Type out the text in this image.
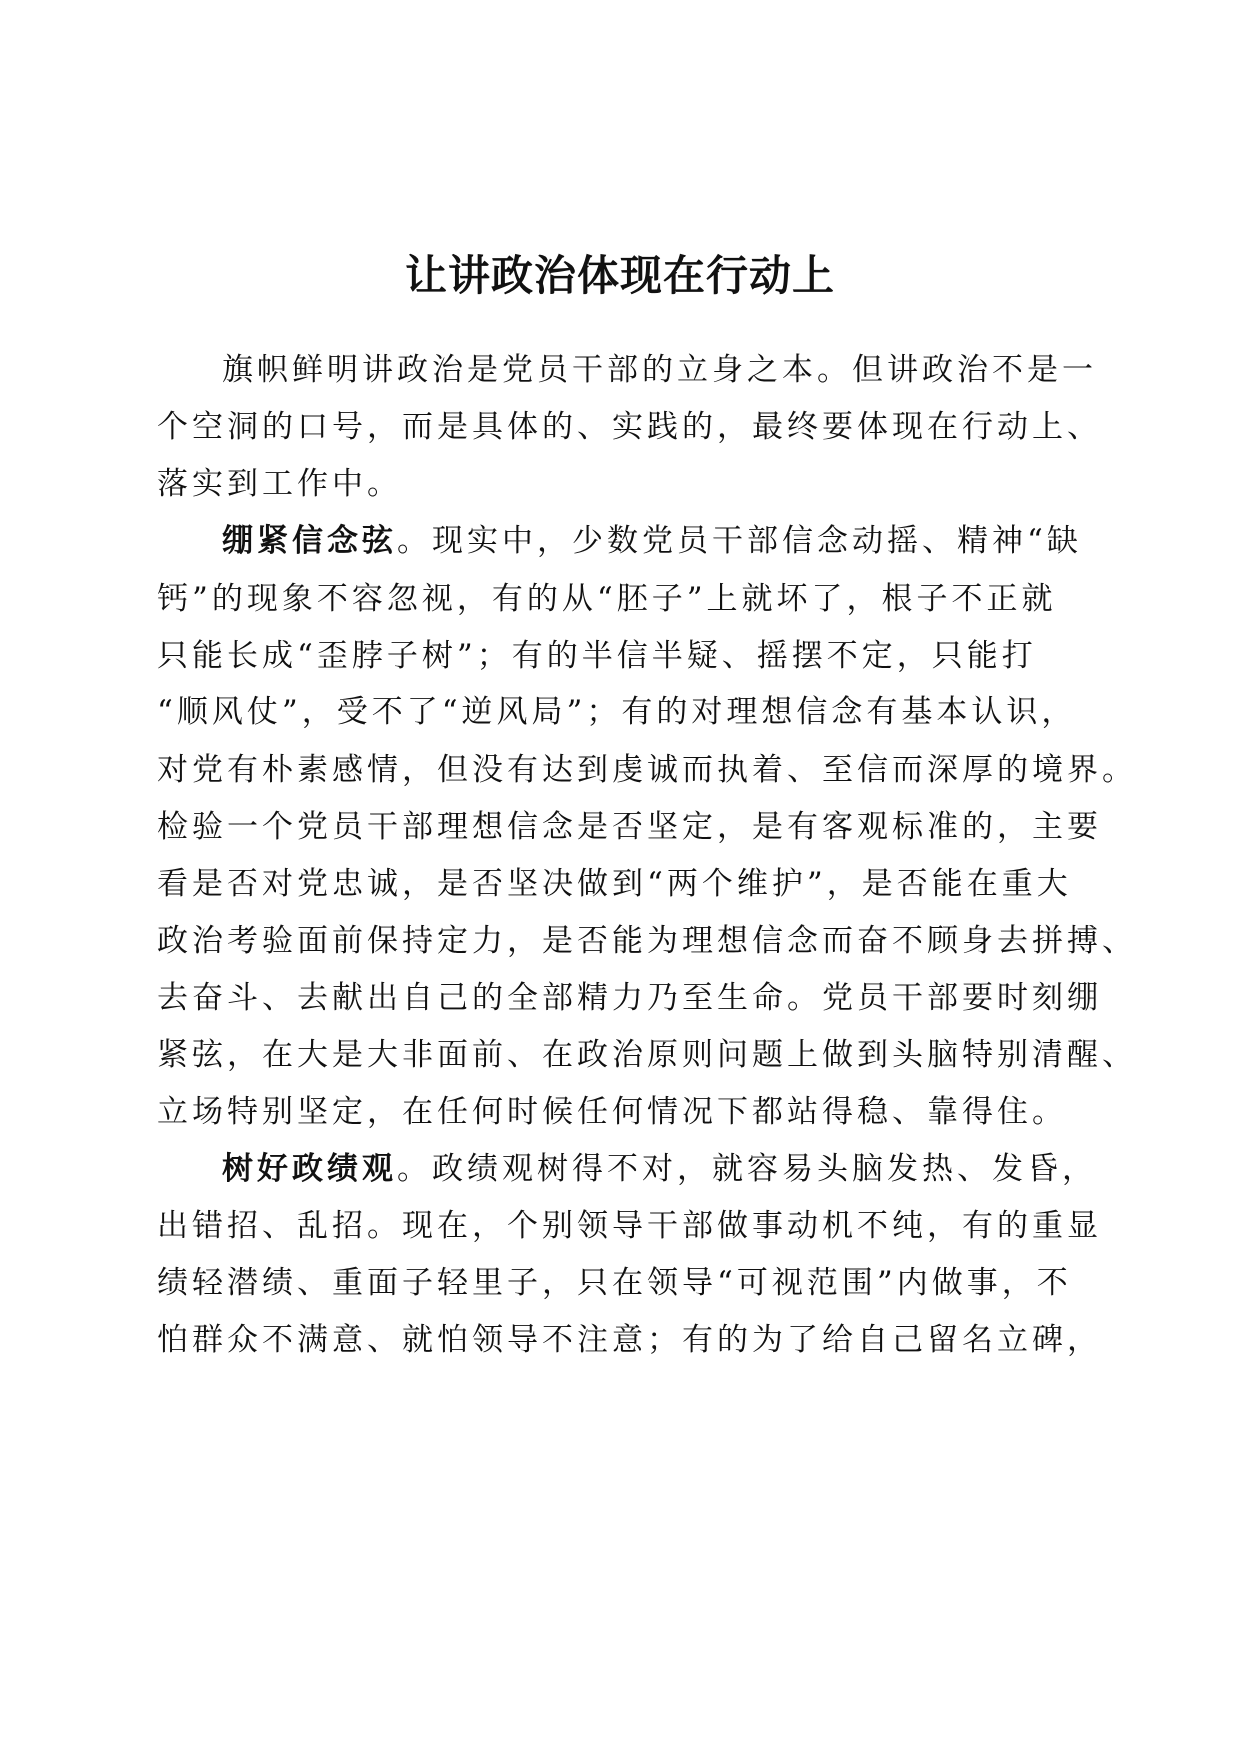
让讲政治体现在行动上
旗帜鲜明讲政治是党员干部的立身之本。但讲政治不是一
个空洞的口号，而是具体的、实践的，最终要体现在行动上、
落实到工作中。
绷紧信念弦。现实中，少数党员干部信念动摇、精神“缺
钙”的现象不容忽视，有的从“胚子”上就坏了，根子不正就
只能长成“歪脖子树”；有的半信半疑、摇摆不定，只能打
“顺风仗”，受不了“逆风局”；有的对理想信念有基本认识，
对党有朴素感情，但没有达到虔诚而执着、至信而深厚的境界。
检验一个党员干部理想信念是否坚定，是有客观标准的，主要
看是否对党忠诚，是否坚决做到“两个维护”，是否能在重大
政治考验面前保持定力，是否能为理想信念而奋不顾身去拼搏、
去奋斗、去献出自己的全部精力乃至生命。党员干部要时刻绷
紧弦，在大是大非面前、在政治原则问题上做到头脑特别清醒、
立场特别坚定，在任何时候任何情况下都站得稳、靠得住。
树好政绩观。政绩观树得不对，就容易头脑发热、发昏，
出错招、乱招。现在，个别领导干部做事动机不纯，有的重显
绩轻潜绩、重面子轻里子，只在领导“可视范围”内做事，不
怕群众不满意、就怕领导不注意；有的为了给自己留名立碑，
